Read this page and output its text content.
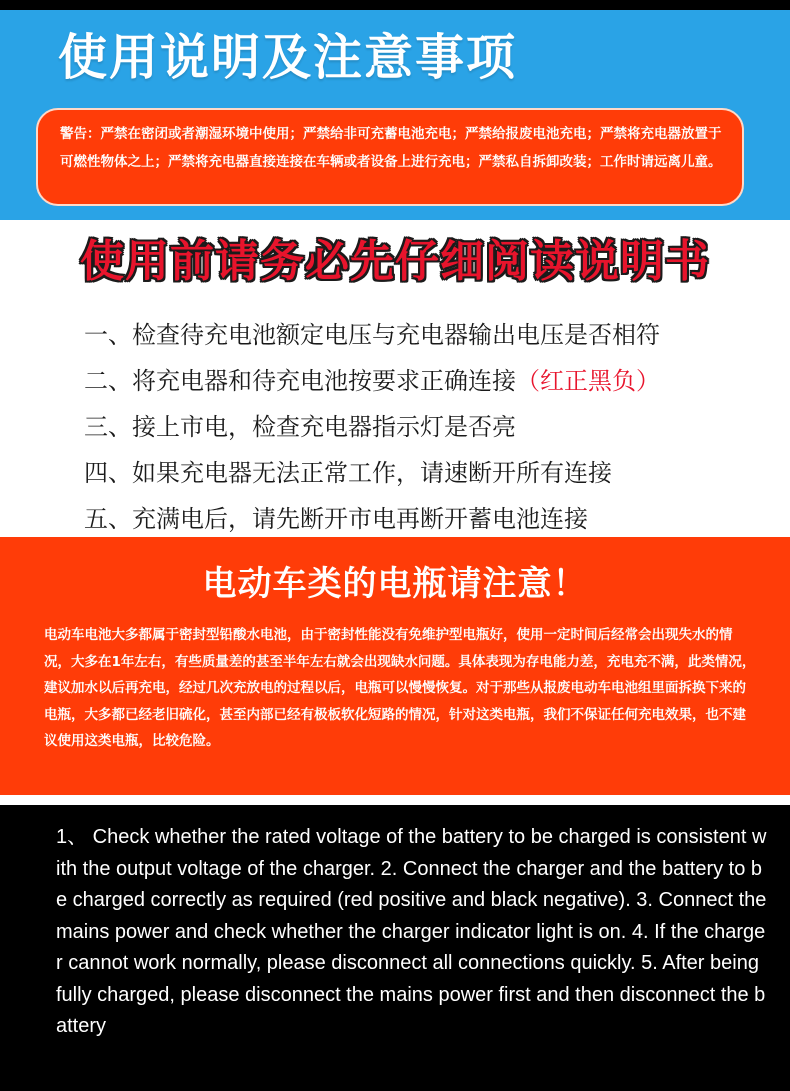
使用说明及注意事项
警告：严禁在密闭或者潮湿环境中使用；严禁给非可充蓄电池充电；严禁给报废电池充电；严禁将充电器放置于可燃性物体之上；严禁将充电器直接连接在车辆或者设备上进行充电；严禁私自拆卸改装；工作时请远离儿童。
使用前请务必先仔细阅读说明书
一、检查待充电池额定电压与充电器输出电压是否相符
二、将充电器和待充电池按要求正确连接（红正黑负）
三、接上市电，检查充电器指示灯是否亮
四、如果充电器无法正常工作，请速断开所有连接
五、充满电后，请先断开市电再断开蓄电池连接
电动车类的电瓶请注意！

电动车电池大多都属于密封型铅酸水电池，由于密封性能没有免维护型电瓶好，使用一定时间后经常会出现失水的情况，大多在1年左右，有些质量差的甚至半年左右就会出现缺水问题。具体表现为存电能力差，充电充不满，此类情况，建议加水以后再充电，经过几次充放电的过程以后，电瓶可以慢慢恢复。对于那些从报废电动车电池组里面拆换下来的电瓶，大多都已经老旧硫化，甚至内部已经有极板软化短路的情况，针对这类电瓶，我们不保证任何充电效果，也不建议使用这类电瓶，比较危险。

1、 Check whether the rated voltage of the battery to be charged is consistent with the output voltage of the charger. 2. Connect the charger and the battery to be charged correctly as required (red positive and black negative). 3. Connect the mains power and check whether the charger indicator light is on. 4. If the charger cannot work normally, please disconnect all connections quickly. 5. After being fully charged, please disconnect the mains power first and then disconnect the battery
